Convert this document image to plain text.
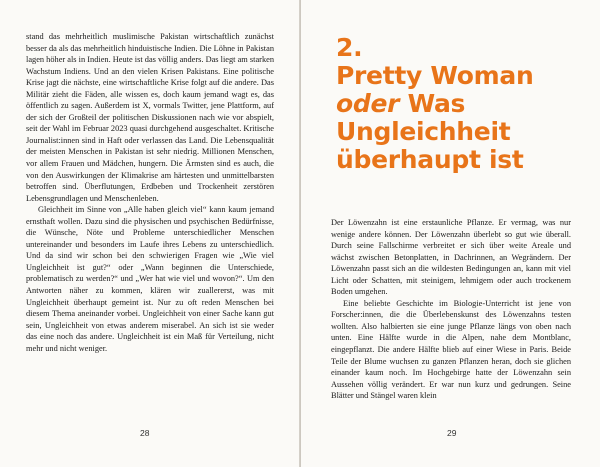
stand das mehrheitlich muslimische Pakistan wirtschaftlich zunächst besser da als das mehrheitlich hinduistische Indien. Die Löhne in Pakistan lagen höher als in Indien. Heute ist das völlig anders. Das liegt am starken Wachstum Indiens. Und an den vielen Krisen Pakistans. Eine politische Krise jagt die nächste, eine wirtschaftliche Krise folgt auf die andere. Das Militär zieht die Fäden, alle wissen es, doch kaum jemand wagt es, das öffentlich zu sagen. Außerdem ist X, vormals Twitter, jene Plattform, auf der sich der Großteil der politischen Diskussionen nach wie vor abspielt, seit der Wahl im Februar 2023 quasi durchgehend ausgeschaltet. Kritische Journalist:innen sind in Haft oder verlassen das Land. Die Lebensqualität der meisten Menschen in Pakistan ist sehr niedrig. Millionen Menschen, vor allem Frauen und Mädchen, hungern. Die Ärmsten sind es auch, die von den Auswirkungen der Klimakrise am härtesten und unmittelbarsten betroffen sind. Überflutungen, Erdbeben und Trockenheit zerstören Lebensgrundlagen und Menschenleben.

Gleichheit im Sinne von „Alle haben gleich viel“ kann kaum jemand ernsthaft wollen. Dazu sind die physischen und psychischen Bedürfnisse, die Wünsche, Nöte und Probleme unterschiedlicher Menschen untereinander und besonders im Laufe ihres Lebens zu unterschiedlich. Und da sind wir schon bei den schwierigen Fragen wie „Wie viel Ungleichheit ist gut?“ oder „Wann beginnen die Unterschiede, problematisch zu werden?“ und „Wer hat wie viel und wovon?“. Um den Antworten näher zu kommen, klären wir zuallererst, was mit Ungleichheit überhaupt gemeint ist. Nur zu oft reden Menschen bei diesem Thema aneinander vorbei. Ungleichheit von einer Sache kann gut sein, Ungleichheit von etwas anderem miserabel. An sich ist sie weder das eine noch das andere. Ungleichheit ist ein Maß für Verteilung, nicht mehr und nicht weniger.

28
2.
Pretty Woman
oder Was
Ungleichheit
überhaupt ist

Der Löwenzahn ist eine erstaunliche Pflanze. Er vermag, was nur wenige andere können. Der Löwenzahn überlebt so gut wie überall. Durch seine Fallschirme verbreitet er sich über weite Areale und wächst zwischen Betonplatten, in Dachrinnen, an Wegrändern. Der Löwenzahn passt sich an die wildesten Bedingungen an, kann mit viel Licht oder Schatten, mit steinigem, lehmigem oder auch trockenem Boden umgehen.

Eine beliebte Geschichte im Biologie-Unterricht ist jene von Forscher:innen, die die Überlebenskunst des Löwenzahns testen wollten. Also halbierten sie eine junge Pflanze längs von oben nach unten. Eine Hälfte wurde in die Alpen, nahe dem Montblanc, eingepflanzt. Die andere Hälfte blieb auf einer Wiese in Paris. Beide Teile der Blume wuchsen zu ganzen Pflanzen heran, doch sie glichen einander kaum noch. Im Hochgebirge hatte der Löwenzahn sein Aussehen völlig verändert. Er war nun kurz und gedrungen. Seine Blätter und Stängel waren klein

29
